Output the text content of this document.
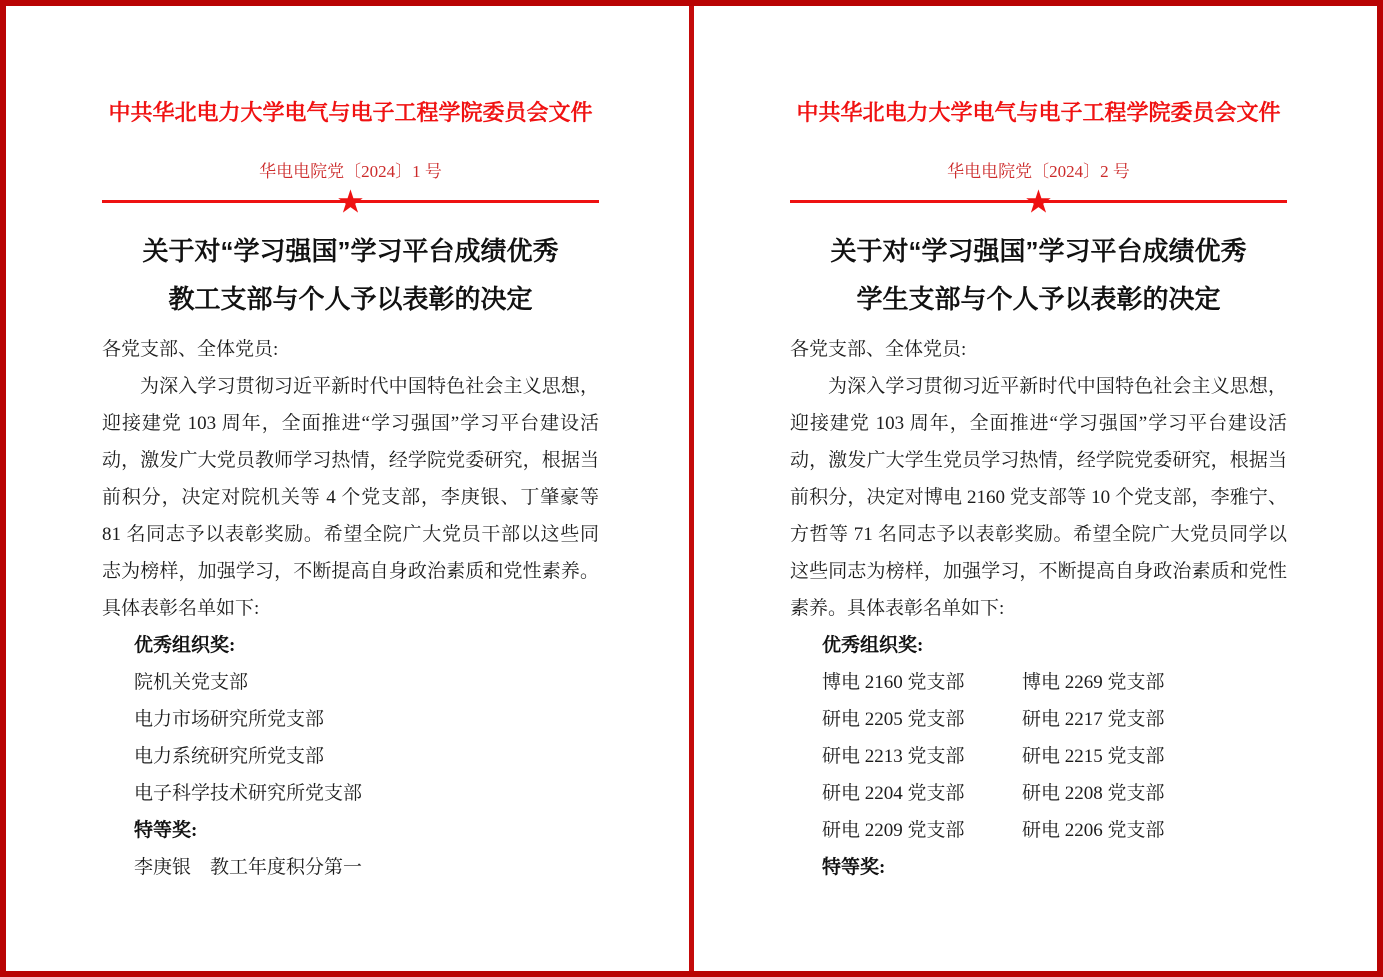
中共华北电力大学电气与电子工程学院委员会文件
华电电院党〔2024〕1 号
★
关于对“学习强国”学习平台成绩优秀
教工支部与个人予以表彰的决定

各党支部、全体党员:

为深入学习贯彻习近平新时代中国特色社会主义思想，迎接建党 103 周年，全面推进“学习强国”学习平台建设活动，激发广大党员教师学习热情，经学院党委研究，根据当前积分，决定对院机关等 4 个党支部，李庚银、丁肇豪等 81 名同志予以表彰奖励。希望全院广大党员干部以这些同志为榜样，加强学习，不断提高自身政治素质和党性素养。具体表彰名单如下:

优秀组织奖:

院机关党支部

电力市场研究所党支部

电力系统研究所党支部

电子科学技术研究所党支部

特等奖:

李庚银　教工年度积分第一

中共华北电力大学电气与电子工程学院委员会文件
华电电院党〔2024〕2 号
★
关于对“学习强国”学习平台成绩优秀
学生支部与个人予以表彰的决定

各党支部、全体党员:

为深入学习贯彻习近平新时代中国特色社会主义思想，迎接建党 103 周年，全面推进“学习强国”学习平台建设活动，激发广大学生党员学习热情，经学院党委研究，根据当前积分，决定对博电 2160 党支部等 10 个党支部，李雅宁、方哲等 71 名同志予以表彰奖励。希望全院广大党员同学以这些同志为榜样，加强学习，不断提高自身政治素质和党性素养。具体表彰名单如下:

优秀组织奖:

博电 2160 党支部	博电 2269 党支部
研电 2205 党支部	研电 2217 党支部
研电 2213 党支部	研电 2215 党支部
研电 2204 党支部	研电 2208 党支部
研电 2209 党支部	研电 2206 党支部

特等奖:
